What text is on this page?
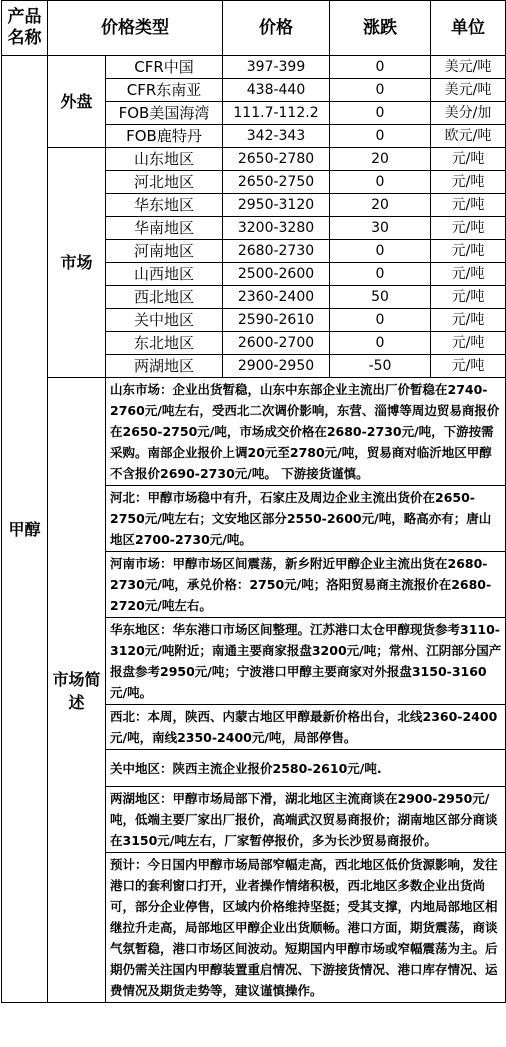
产品名称	价格类型		价格	涨跌	单位
甲醇	外盘	CFR中国	397-399	0	美元/吨
		CFR东南亚	438-440	0	美元/吨
		FOB美国海湾	111.7-112.2	0	美分/加
		FOB鹿特丹	342-343	0	欧元/吨
	市场	山东地区	2650-2780	20	元/吨
		河北地区	2650-2750	0	元/吨
		华东地区	2950-3120	20	元/吨
		华南地区	3200-3280	30	元/吨
		河南地区	2680-2730	0	元/吨
		山西地区	2500-2600	0	元/吨
		西北地区	2360-2400	50	元/吨
		关中地区	2590-2610	0	元/吨
		东北地区	2600-2700	0	元/吨
		两湖地区	2900-2950	-50	元/吨
	市场简述	山东市场：企业出货暂稳，山东中东部企业主流出厂价暂稳在2740-2760元/吨左右，受西北二次调价影响，东营、淄博等周边贸易商报价在2650-2750元/吨，市场成交价格在2680-2730元/吨，下游按需采购。南部企业报价上调20元至2780元/吨，贸易商对临沂地区甲醇不含报价2690-2730元/吨。 下游接货谨慎。			
		河北：甲醇市场稳中有升，石家庄及周边企业主流出货价在2650-2750元/吨左右；文安地区部分2550-2600元/吨，略高亦有；唐山地区2700-2730元/吨。			
		河南市场：甲醇市场区间震荡，新乡附近甲醇企业主流出货在2680-2730元/吨，承兑价格：2750元/吨；洛阳贸易商主流报价在2680-2720元/吨左右。			
		华东地区：华东港口市场区间整理。江苏港口太仓甲醇现货参考3110-3120元/吨附近；南通主要商家报盘3200元/吨；常州、江阴部分国产报盘参考2950元/吨；宁波港口甲醇主要商家对外报盘3150-3160元/吨。			
		西北：本周，陕西、内蒙古地区甲醇最新价格出台，北线2360-2400元/吨，南线2350-2400元/吨，局部停售。			
		关中地区：陕西主流企业报价2580-2610元/吨.			
		两湖地区：甲醇市场局部下滑，湖北地区主流商谈在2900-2950元/吨，低端主要厂家出厂报价，高端武汉贸易商报价；湖南地区部分商谈在3150元/吨左右，厂家暂停报价，多为长沙贸易商报价。			
		预计：今日国内甲醇市场局部窄幅走高，西北地区低价货源影响，发往港口的套利窗口打开，业者操作情绪积极，西北地区多数企业出货尚可，部分企业停售，区域内价格维持坚挺；受其支撑，内地局部地区相继拉升走高，局部地区甲醇企业出货顺畅。港口方面，期货震荡，商谈气氛暂稳，港口市场区间波动。短期国内甲醇市场或窄幅震荡为主。后期仍需关注国内甲醇装置重启情况、下游接货情况、港口库存情况、运费情况及期货走势等，建议谨慎操作。			
